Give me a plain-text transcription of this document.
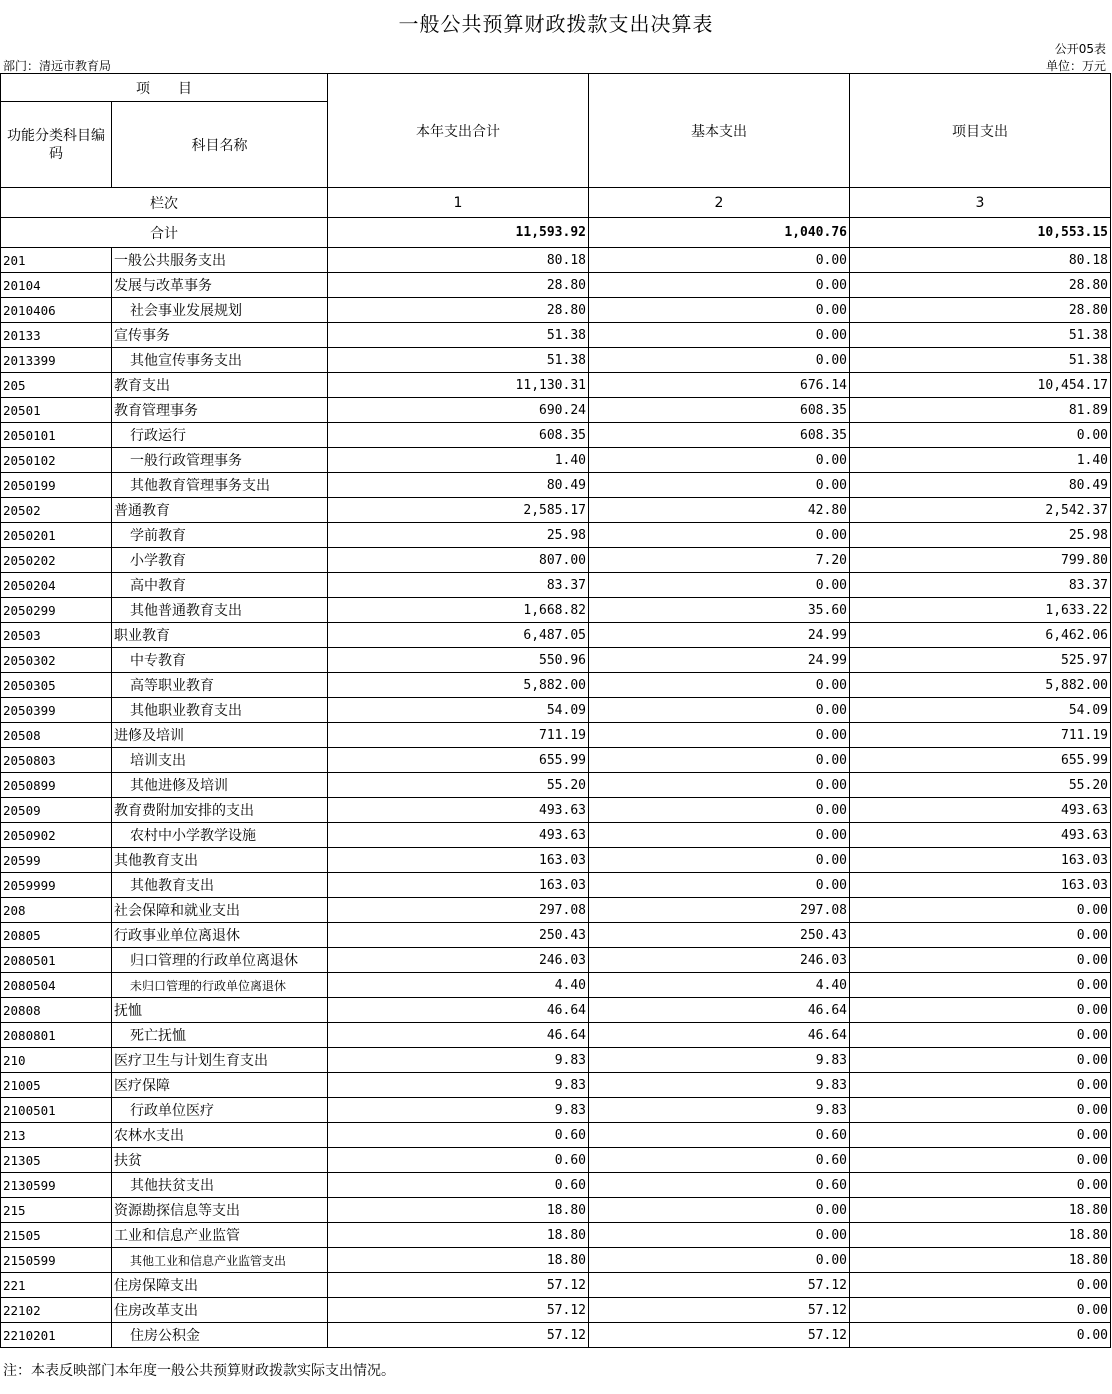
一般公共预算财政拨款支出决算表
公开05表
部门：清远市教育局	单位：万元
项　　目		本年支出合计	基本支出	项目支出
功能分类科目编码	科目名称			
栏次		1	2	3
合计		11,593.92	1,040.76	10,553.15
201	一般公共服务支出	80.18	0.00	80.18
20104	发展与改革事务	28.80	0.00	28.80
2010406	社会事业发展规划	28.80	0.00	28.80
20133	宣传事务	51.38	0.00	51.38
2013399	其他宣传事务支出	51.38	0.00	51.38
205	教育支出	11,130.31	676.14	10,454.17
20501	教育管理事务	690.24	608.35	81.89
2050101	行政运行	608.35	608.35	0.00
2050102	一般行政管理事务	1.40	0.00	1.40
2050199	其他教育管理事务支出	80.49	0.00	80.49
20502	普通教育	2,585.17	42.80	2,542.37
2050201	学前教育	25.98	0.00	25.98
2050202	小学教育	807.00	7.20	799.80
2050204	高中教育	83.37	0.00	83.37
2050299	其他普通教育支出	1,668.82	35.60	1,633.22
20503	职业教育	6,487.05	24.99	6,462.06
2050302	中专教育	550.96	24.99	525.97
2050305	高等职业教育	5,882.00	0.00	5,882.00
2050399	其他职业教育支出	54.09	0.00	54.09
20508	进修及培训	711.19	0.00	711.19
2050803	培训支出	655.99	0.00	655.99
2050899	其他进修及培训	55.20	0.00	55.20
20509	教育费附加安排的支出	493.63	0.00	493.63
2050902	农村中小学教学设施	493.63	0.00	493.63
20599	其他教育支出	163.03	0.00	163.03
2059999	其他教育支出	163.03	0.00	163.03
208	社会保障和就业支出	297.08	297.08	0.00
20805	行政事业单位离退休	250.43	250.43	0.00
2080501	归口管理的行政单位离退休	246.03	246.03	0.00
2080504	未归口管理的行政单位离退休	4.40	4.40	0.00
20808	抚恤	46.64	46.64	0.00
2080801	死亡抚恤	46.64	46.64	0.00
210	医疗卫生与计划生育支出	9.83	9.83	0.00
21005	医疗保障	9.83	9.83	0.00
2100501	行政单位医疗	9.83	9.83	0.00
213	农林水支出	0.60	0.60	0.00
21305	扶贫	0.60	0.60	0.00
2130599	其他扶贫支出	0.60	0.60	0.00
215	资源勘探信息等支出	18.80	0.00	18.80
21505	工业和信息产业监管	18.80	0.00	18.80
2150599	其他工业和信息产业监管支出	18.80	0.00	18.80
221	住房保障支出	57.12	57.12	0.00
22102	住房改革支出	57.12	57.12	0.00
2210201	住房公积金	57.12	57.12	0.00
注：本表反映部门本年度一般公共预算财政拨款实际支出情况。
